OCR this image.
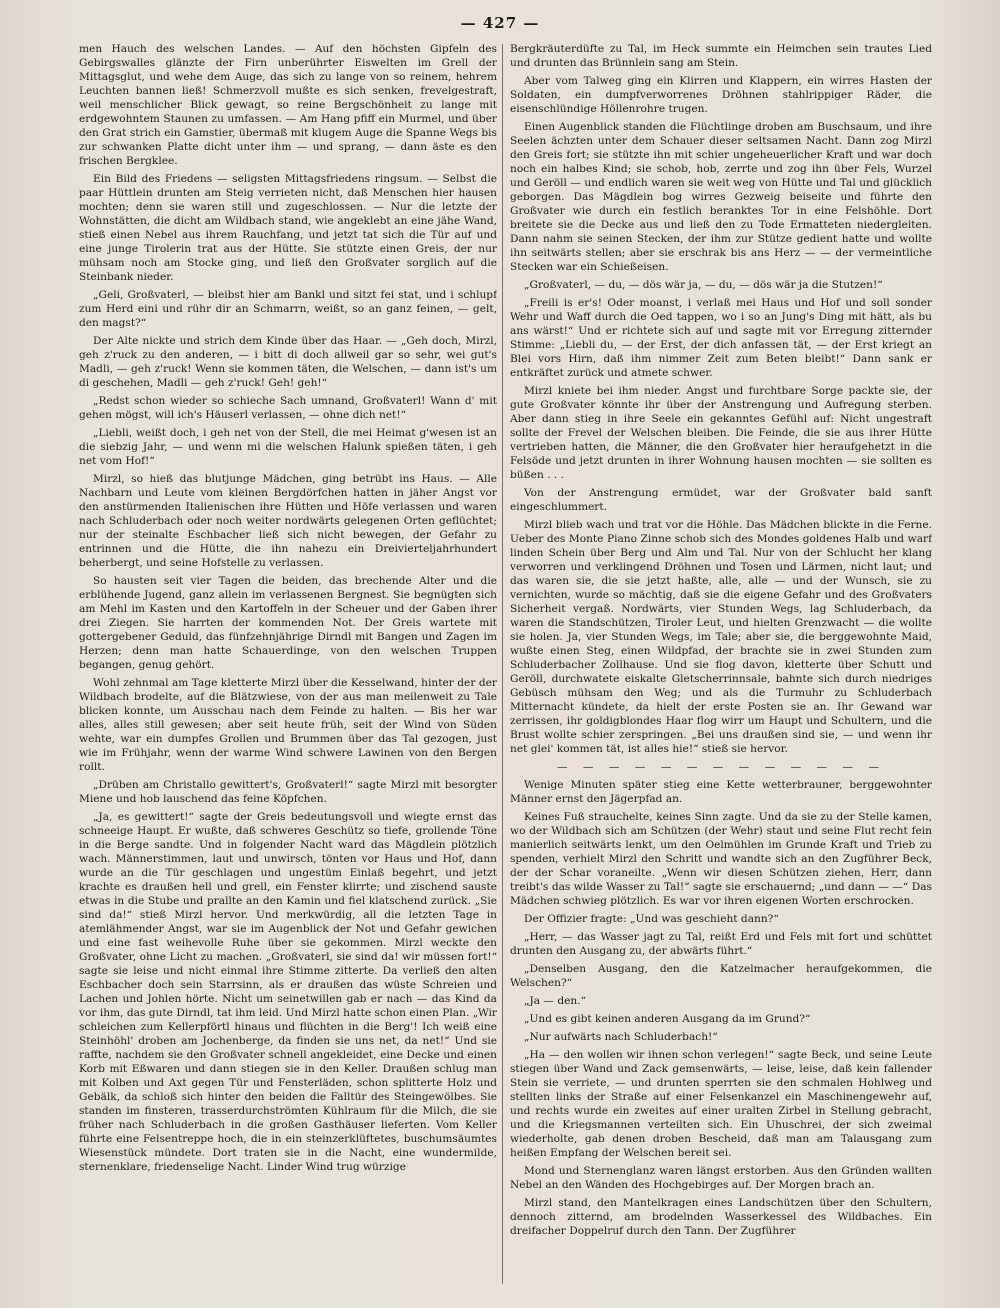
— 427 —

men Hauch des welschen Landes. — Auf den höchsten Gipfeln des Gebirgswalles glänzte der Firn unberührter Eiswelten im Grell der Mittagsglut, und wehe dem Auge, das sich zu lange von so reinem, hehrem Leuchten bannen ließ! Schmerzvoll mußte es sich senken, frevelgestraft, weil menschlicher Blick gewagt, so reine Bergschönheit zu lange mit erdgewohntem Staunen zu umfassen. — Am Hang pfiff ein Murmel, und über den Grat strich ein Gamstier, übermaß mit klugem Auge die Spanne Wegs bis zur schwanken Platte dicht unter ihm — und sprang, — dann äste es den frischen Bergklee.

Ein Bild des Friedens — seligsten Mittagsfriedens ringsum. — Selbst die paar Hüttlein drunten am Steig verrieten nicht, daß Menschen hier hausen mochten; denn sie waren still und zugeschlossen. — Nur die letzte der Wohnstätten, die dicht am Wildbach stand, wie angeklebt an eine jähe Wand, stieß einen Nebel aus ihrem Rauchfang, und jetzt tat sich die Tür auf und eine junge Tirolerin trat aus der Hütte. Sie stützte einen Greis, der nur mühsam noch am Stocke ging, und ließ den Großvater sorglich auf die Steinbank nieder.

„Geli, Großvaterl, — bleibst hier am Bankl und sitzt fei stat, und i schlupf zum Herd eini und rühr dir an Schmarrn, weißt, so an ganz feinen, — gelt, den magst?“

Der Alte nickte und strich dem Kinde über das Haar. — „Geh doch, Mirzl, geh z'ruck zu den anderen, — i bitt di doch allweil gar so sehr, wei gut's Madli, — geh z'ruck! Wenn sie kommen täten, die Welschen, — dann ist's um di geschehen, Madli — geh z'ruck! Geh! geh!“

„Redst schon wieder so schieche Sach umnand, Großvaterl! Wann d' mit gehen mögst, will ich's Häuserl verlassen, — ohne dich net!“

„Liebli, weißt doch, i geh net von der Stell, die mei Heimat g'wesen ist an die siebzig Jahr, — und wenn mi die welschen Halunk spießen täten, i geh net vom Hof!“

Mirzl, so hieß das blutjunge Mädchen, ging betrübt ins Haus. — Alle Nachbarn und Leute vom kleinen Bergdörfchen hatten in jäher Angst vor den anstürmenden Italienischen ihre Hütten und Höfe verlassen und waren nach Schluderbach oder noch weiter nordwärts gelegenen Orten geflüchtet; nur der steinalte Eschbacher ließ sich nicht bewegen, der Gefahr zu entrinnen und die Hütte, die ihn nahezu ein Dreivierteljahrhundert beherbergt, und seine Hofstelle zu verlassen.

So hausten seit vier Tagen die beiden, das brechende Alter und die erblühende Jugend, ganz allein im verlassenen Bergnest. Sie begnügten sich am Mehl im Kasten und den Kartoffeln in der Scheuer und der Gaben ihrer drei Ziegen. Sie harrten der kommenden Not. Der Greis wartete mit gottergebener Geduld, das fünfzehnjährige Dirndl mit Bangen und Zagen im Herzen; denn man hatte Schauerdinge, von den welschen Truppen begangen, genug gehört.

Wohl zehnmal am Tage kletterte Mirzl über die Kesselwand, hinter der der Wildbach brodelte, auf die Blätzwiese, von der aus man meilenweit zu Tale blicken konnte, um Ausschau nach dem Feinde zu halten. — Bis her war alles, alles still gewesen; aber seit heute früh, seit der Wind von Süden wehte, war ein dumpfes Grollen und Brummen über das Tal gezogen, just wie im Frühjahr, wenn der warme Wind schwere Lawinen von den Bergen rollt.

„Drüben am Christallo gewittert's, Großvaterl!“ sagte Mirzl mit besorgter Miene und hob lauschend das feine Köpfchen.

„Ja, es gewittert!“ sagte der Greis bedeutungsvoll und wiegte ernst das schneeige Haupt. Er wußte, daß schweres Geschütz so tiefe, grollende Töne in die Berge sandte. Und in folgender Nacht ward das Mägdlein plötzlich wach. Männerstimmen, laut und unwirsch, tönten vor Haus und Hof, dann wurde an die Tür geschlagen und ungestüm Einlaß begehrt, und jetzt krachte es draußen hell und grell, ein Fenster klirrte; und zischend sauste etwas in die Stube und prallte an den Kamin und fiel klatschend zurück. „Sie sind da!“ stieß Mirzl hervor. Und merkwürdig, all die letzten Tage in atemlähmender Angst, war sie im Augenblick der Not und Gefahr gewichen und eine fast weihevolle Ruhe über sie gekommen. Mirzl weckte den Großvater, ohne Licht zu machen. „Großvaterl, sie sind da! wir müssen fort!“ sagte sie leise und nicht einmal ihre Stimme zitterte. Da verließ den alten Eschbacher doch sein Starrsinn, als er draußen das wüste Schreien und Lachen und Johlen hörte. Nicht um seinetwillen gab er nach — das Kind da vor ihm, das gute Dirndl, tat ihm leid. Und Mirzl hatte schon einen Plan. „Wir schleichen zum Kellerpförtl hinaus und flüchten in die Berg'! Ich weiß eine Steinhöhl' droben am Jochenberge, da finden sie uns net, da net!“ Und sie raffte, nachdem sie den Großvater schnell angekleidet, eine Decke und einen Korb mit Eßwaren und dann stiegen sie in den Keller. Draußen schlug man mit Kolben und Axt gegen Tür und Fensterläden, schon splitterte Holz und Gebälk, da schloß sich hinter den beiden die Falltür des Steingewölbes. Sie standen im finsteren, trasserdurchströmten Kühlraum für die Milch, die sie früher nach Schluderbach in die großen Gasthäuser lieferten. Vom Keller führte eine Felsentreppe hoch, die in ein steinzerklüftetes, buschumsäumtes Wiesenstück mündete. Dort traten sie in die Nacht, eine wundermilde, sternenklare, friedenselige Nacht. Linder Wind trug würzige

Bergkräuterdüfte zu Tal, im Heck summte ein Heimchen sein trautes Lied und drunten das Brünnlein sang am Stein.

Aber vom Talweg ging ein Klirren und Klappern, ein wirres Hasten der Soldaten, ein dumpfverworrenes Dröhnen stahlrippiger Räder, die eisenschlündige Höllenrohre trugen.

Einen Augenblick standen die Flüchtlinge droben am Buschsaum, und ihre Seelen ächzten unter dem Schauer dieser seltsamen Nacht. Dann zog Mirzl den Greis fort; sie stützte ihn mit schier ungeheuerlicher Kraft und war doch noch ein halbes Kind; sie schob, hob, zerrte und zog ihn über Fels, Wurzel und Geröll — und endlich waren sie weit weg von Hütte und Tal und glücklich geborgen. Das Mägdlein bog wirres Gezweig beiseite und führte den Großvater wie durch ein festlich beranktes Tor in eine Felshöhle. Dort breitete sie die Decke aus und ließ den zu Tode Ermatteten niedergleiten. Dann nahm sie seinen Stecken, der ihm zur Stütze gedient hatte und wollte ihn seitwärts stellen; aber sie erschrak bis ans Herz — — der vermeintliche Stecken war ein Schießeisen.

„Großvaterl, — du, — dös wär ja, — du, — dös wär ja die Stutzen!“

„Freili is er's! Oder moanst, i verlaß mei Haus und Hof und soll sonder Wehr und Waff durch die Oed tappen, wo i so an Jung's Ding mit hätt, als bu ans wärst!“ Und er richtete sich auf und sagte mit vor Erregung zitternder Stimme: „Liebli du, — der Erst, der dich anfassen tät, — der Erst kriegt an Blei vors Hirn, daß ihm nimmer Zeit zum Beten bleibt!“ Dann sank er entkräftet zurück und atmete schwer.

Mirzl kniete bei ihm nieder. Angst und furchtbare Sorge packte sie, der gute Großvater könnte ihr über der Anstrengung und Aufregung sterben. Aber dann stieg in ihre Seele ein gekanntes Gefühl auf: Nicht ungestraft sollte der Frevel der Welschen bleiben. Die Feinde, die sie aus ihrer Hütte vertrieben hatten, die Männer, die den Großvater hier heraufgehetzt in die Felsöde und jetzt drunten in ihrer Wohnung hausen mochten — sie sollten es büßen . . .

Von der Anstrengung ermüdet, war der Großvater bald sanft eingeschlummert.

Mirzl blieb wach und trat vor die Höhle. Das Mädchen blickte in die Ferne. Ueber des Monte Piano Zinne schob sich des Mondes goldenes Halb und warf linden Schein über Berg und Alm und Tal. Nur von der Schlucht her klang verworren und verklingend Dröhnen und Tosen und Lärmen, nicht laut; und das waren sie, die sie jetzt haßte, alle, alle — und der Wunsch, sie zu vernichten, wurde so mächtig, daß sie die eigene Gefahr und des Großvaters Sicherheit vergaß. Nordwärts, vier Stunden Wegs, lag Schluderbach, da waren die Standschützen, Tiroler Leut, und hielten Grenzwacht — die wollte sie holen. Ja, vier Stunden Wegs, im Tale; aber sie, die berggewohnte Maid, wußte einen Steg, einen Wildpfad, der brachte sie in zwei Stunden zum Schluderbacher Zollhause. Und sie flog davon, kletterte über Schutt und Geröll, durchwatete eiskalte Gletscherrinnsale, bahnte sich durch niedriges Gebüsch mühsam den Weg; und als die Turmuhr zu Schluderbach Mitternacht kündete, da hielt der erste Posten sie an. Ihr Gewand war zerrissen, ihr goldigblondes Haar flog wirr um Haupt und Schultern, und die Brust wollte schier zerspringen. „Bei uns draußen sind sie, — und wenn ihr net glei' kommen tät, ist alles hie!“ stieß sie hervor.

— — — — — — — — — — — — —

Wenige Minuten später stieg eine Kette wetterbrauner, berggewohnter Männer ernst den Jägerpfad an.

Keines Fuß strauchelte, keines Sinn zagte. Und da sie zu der Stelle kamen, wo der Wildbach sich am Schützen (der Wehr) staut und seine Flut recht fein manierlich seitwärts lenkt, um den Oelmühlen im Grunde Kraft und Trieb zu spenden, verhielt Mirzl den Schritt und wandte sich an den Zugführer Beck, der der Schar voraneilte. „Wenn wir diesen Schützen ziehen, Herr, dann treibt's das wilde Wasser zu Tal!“ sagte sie erschauernd; „und dann — —“ Das Mädchen schwieg plötzlich. Es war vor ihren eigenen Worten erschrocken.

Der Offizier fragte: „Und was geschieht dann?“

„Herr, — das Wasser jagt zu Tal, reißt Erd und Fels mit fort und schüttet drunten den Ausgang zu, der abwärts führt.“

„Denselben Ausgang, den die Katzelmacher heraufgekommen, die Welschen?“

„Ja — den.“

„Und es gibt keinen anderen Ausgang da im Grund?“

„Nur aufwärts nach Schluderbach!“

„Ha — den wollen wir ihnen schon verlegen!“ sagte Beck, und seine Leute stiegen über Wand und Zack gemsenwärts, — leise, leise, daß kein fallender Stein sie verriete, — und drunten sperrten sie den schmalen Hohlweg und stellten links der Straße auf einer Felsenkanzel ein Maschinengewehr auf, und rechts wurde ein zweites auf einer uralten Zirbel in Stellung gebracht, und die Kriegsmannen verteilten sich. Ein Uhuschrei, der sich zweimal wiederholte, gab denen droben Bescheid, daß man am Talausgang zum heißen Empfang der Welschen bereit sei.

Mond und Sternenglanz waren längst erstorben. Aus den Gründen wallten Nebel an den Wänden des Hochgebirges auf. Der Morgen brach an.

Mirzl stand, den Mantelkragen eines Landschützen über den Schultern, dennoch zitternd, am brodelnden Wasserkessel des Wildbaches. Ein dreifacher Doppelruf durch den Tann. Der Zugführer
